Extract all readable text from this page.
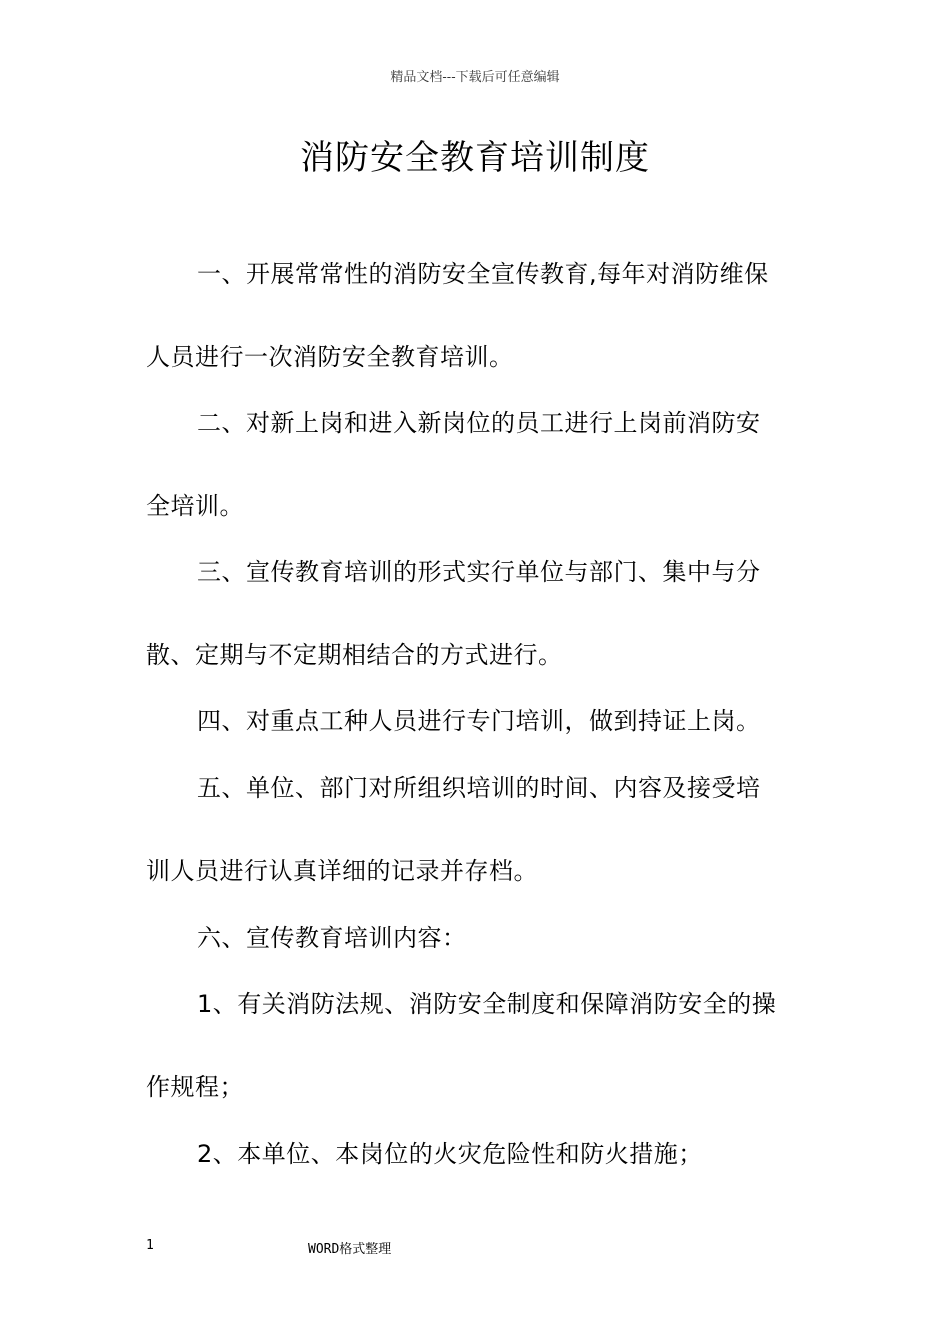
精品文档---下载后可任意编辑
消防安全教育培训制度
一、开展常常性的消防安全宣传教育,每年对消防维保
人员进行一次消防安全教育培训。
二、对新上岗和进入新岗位的员工进行上岗前消防安
全培训。
三、宣传教育培训的形式实行单位与部门、集中与分
散、定期与不定期相结合的方式进行。
四、对重点工种人员进行专门培训，做到持证上岗。
五、单位、部门对所组织培训的时间、内容及接受培
训人员进行认真详细的记录并存档。
六、宣传教育培训内容：
1、有关消防法规、消防安全制度和保障消防安全的操
作规程；
2、本单位、本岗位的火灾危险性和防火措施；
1	WORD格式整理
